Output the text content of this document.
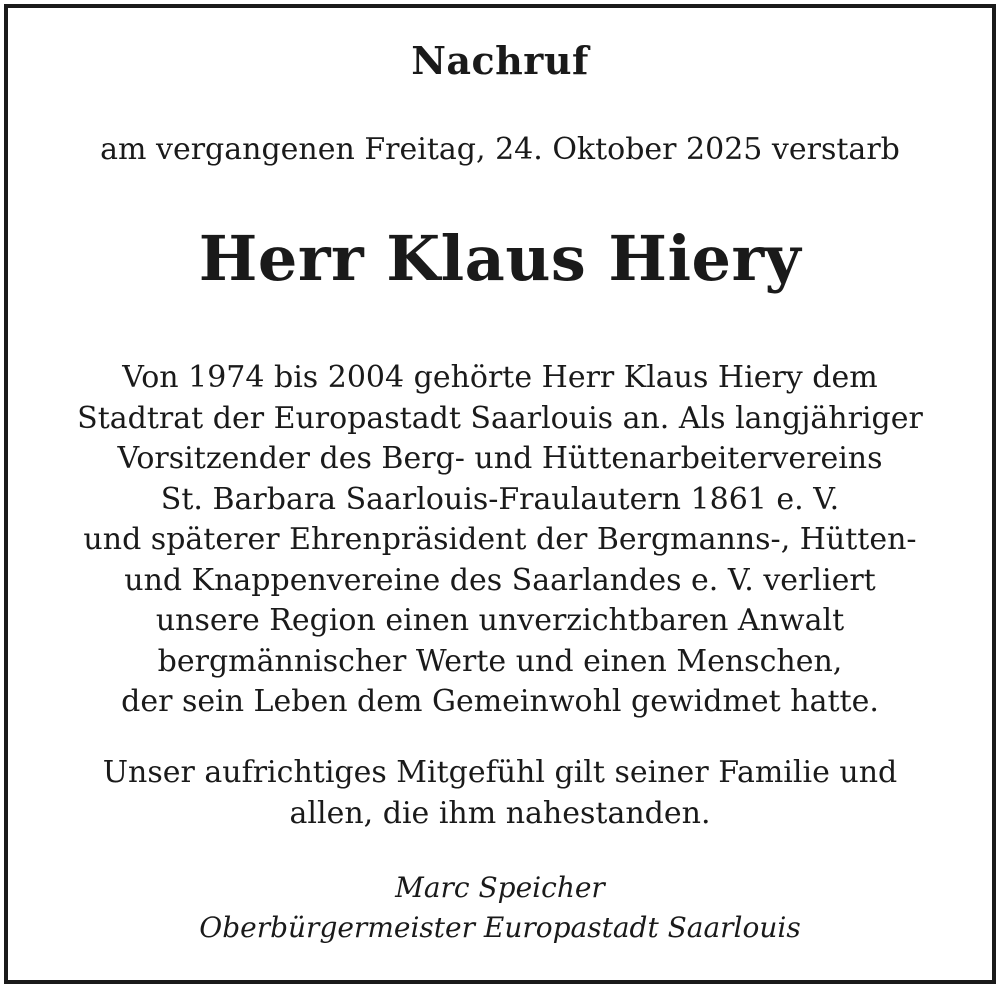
Nachruf
am vergangenen Freitag, 24. Oktober 2025 verstarb
Herr Klaus Hiery
Von 1974 bis 2004 gehörte Herr Klaus Hiery dem
Stadtrat der Europastadt Saarlouis an. Als langjähriger
Vorsitzender des Berg- und Hüttenarbeitervereins
St. Barbara Saarlouis-Fraulautern 1861 e. V.
und späterer Ehrenpräsident der Bergmanns-, Hütten-
und Knappenvereine des Saarlandes e. V. verliert
unsere Region einen unverzichtbaren Anwalt
bergmännischer Werte und einen Menschen,
der sein Leben dem Gemeinwohl gewidmet hatte.
Unser aufrichtiges Mitgefühl gilt seiner Familie und
allen, die ihm nahestanden.
Marc Speicher
Oberbürgermeister Europastadt Saarlouis
